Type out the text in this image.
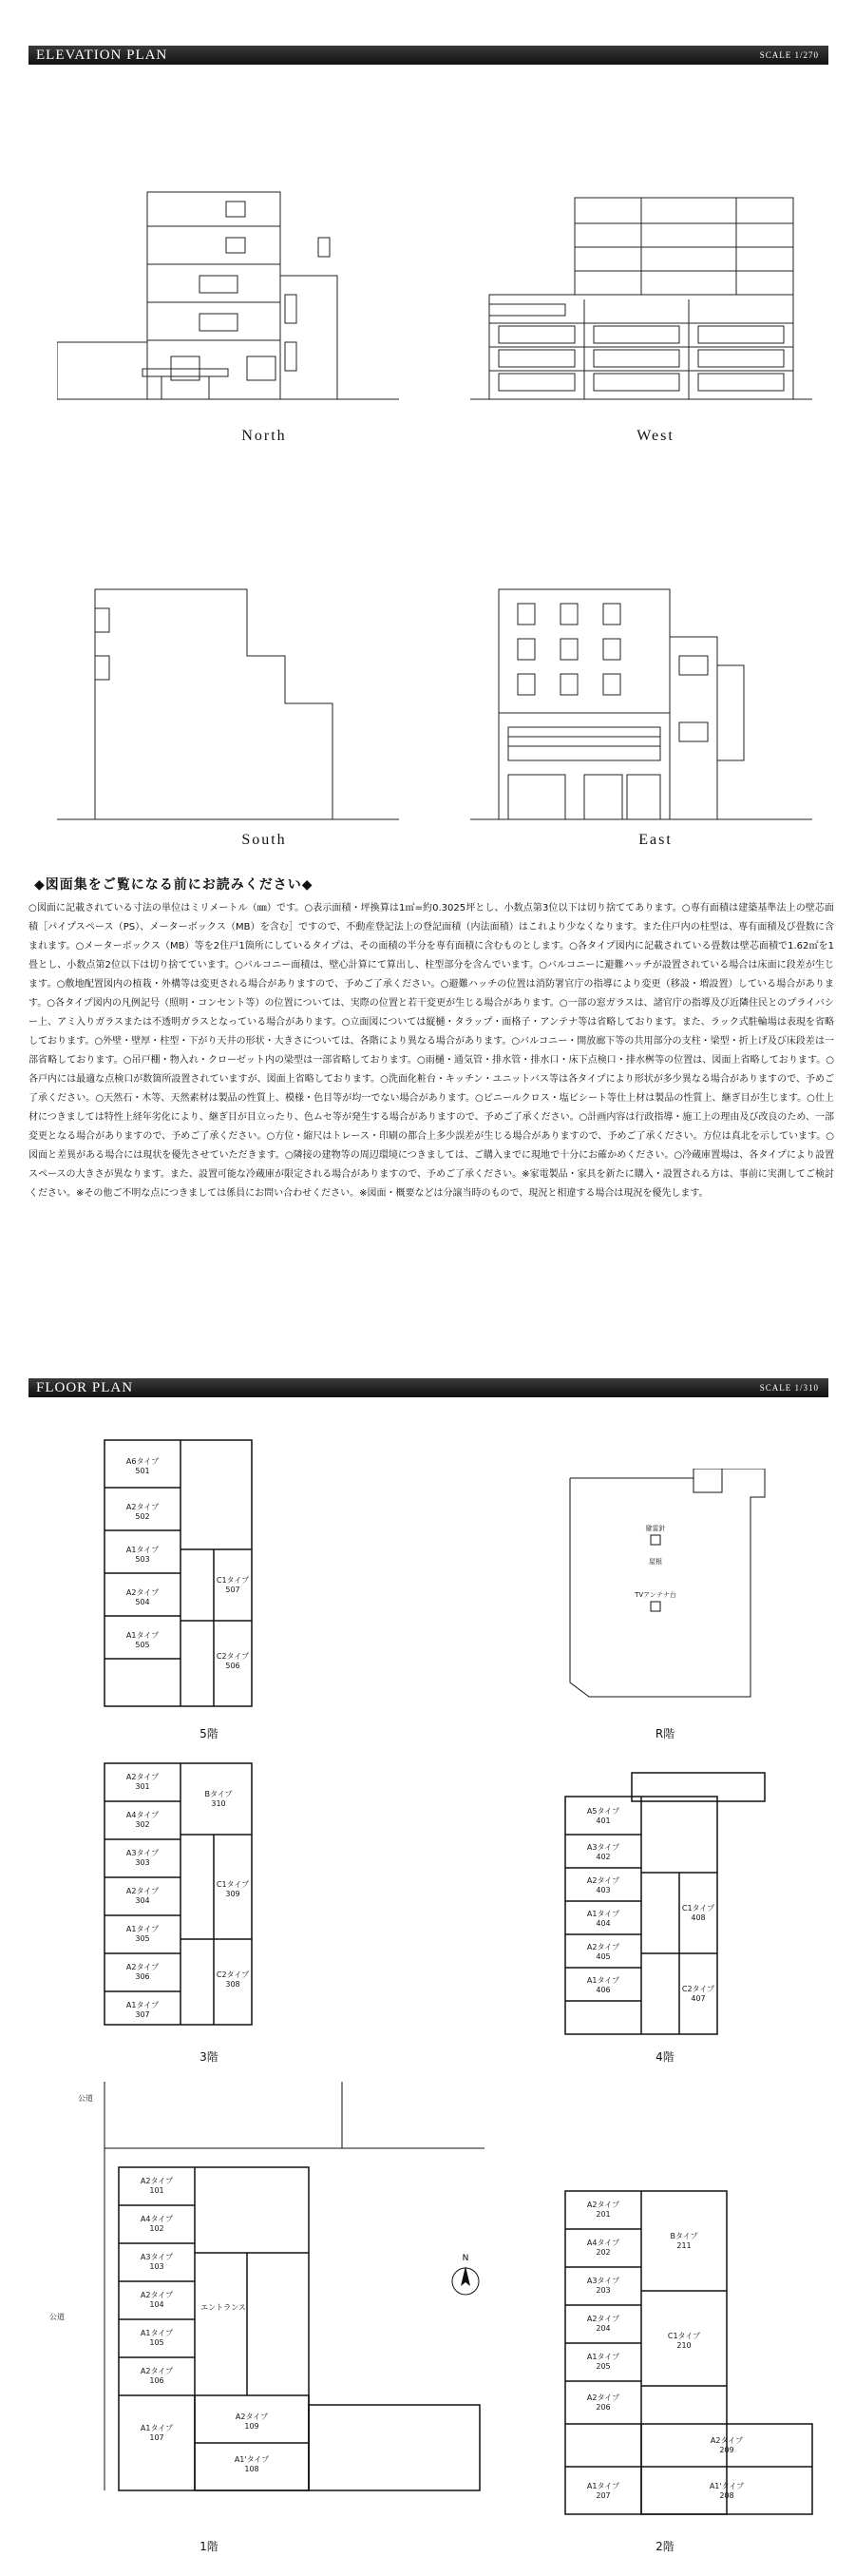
ELEVATION PLAN	SCALE 1/270
North	West
South	East
◆図面集をご覧になる前にお読みください◆

○図面に記載されている寸法の単位はミリメートル（㎜）です。○表示面積・坪換算は1㎡=約0.3025坪とし、小数点第3位以下は切り捨ててあります。○専有面積は建築基準法上の壁芯面積［パイプスペース（PS）、メーターボックス（MB）を含む］ですので、不動産登記法上の登記面積（内法面積）はこれより少なくなります。また住戸内の柱型は、専有面積及び畳数に含まれます。○メーターボックス（MB）等を2住戸1箇所にしているタイプは、その面積の半分を専有面積に含むものとします。○各タイプ図内に記載されている畳数は壁芯面積で1.62㎡を1畳とし、小数点第2位以下は切り捨てています。○バルコニー面積は、壁心計算にて算出し、柱型部分を含んでいます。○バルコニーに避難ハッチが設置されている場合は床面に段差が生じます。○敷地配置図内の植栽・外構等は変更される場合がありますので、予めご了承ください。○避難ハッチの位置は消防署官庁の指導により変更（移設・増設置）している場合があります。○各タイプ図内の凡例記号（照明・コンセント等）の位置については、実際の位置と若干変更が生じる場合があります。○一部の窓ガラスは、諸官庁の指導及び近隣住民とのプライバシー上、アミ入りガラスまたは不透明ガラスとなっている場合があります。○立面図については縦樋・タラップ・面格子・アンテナ等は省略しております。また、ラック式駐輪場は表現を省略しております。○外壁・壁厚・柱型・下がり天井の形状・大きさについては、各階により異なる場合があります。○バルコニー・開放廊下等の共用部分の支柱・梁型・折上げ及び床段差は一部省略しております。○吊戸棚・物入れ・クローゼット内の梁型は一部省略しております。○雨樋・通気管・排水管・排水口・床下点検口・排水桝等の位置は、図面上省略しております。○各戸内には最適な点検口が数箇所設置されていますが、図面上省略しております。○洗面化粧台・キッチン・ユニットバス等は各タイプにより形状が多少異なる場合がありますので、予めご了承ください。○天然石・木等、天然素材は製品の性質上、模様・色目等が均一でない場合があります。○ビニールクロス・塩ビシート等仕上材は製品の性質上、継ぎ目が生じます。○仕上材につきましては特性上経年劣化により、継ぎ目が目立ったり、色ムセ等が発生する場合がありますので、予めご了承ください。○計画内容は行政指導・施工上の理由及び改良のため、一部変更となる場合がありますので、予めご了承ください。○方位・縮尺はトレース・印刷の都合上多少誤差が生じる場合がありますので、予めご了承ください。方位は真北を示しています。○図面と差異がある場合には現状を優先させていただきます。○隣接の建物等の周辺環境につきましては、ご購入までに現地で十分にお確かめください。○冷蔵庫置場は、各タイプにより設置スペースの大きさが異なります。また、設置可能な冷蔵庫が限定される場合がありますので、予めご了承ください。※家電製品・家具を新たに購入・設置される方は、事前に実測してご検討ください。※その他ご不明な点につきましては係員にお問い合わせください。※図面・概要などは分譲当時のもので、現況と相違する場合は現況を優先します。

FLOOR PLAN	SCALE 1/310
A6タイプ
501
A2タイプ
502
A1タイプ
503
A2タイプ
504
A1タイプ
505
C1タイプ
507
C2タイプ
506
5階
避雷針
屋根
TVアンテナ台
R階
A2タイプ
301
A4タイプ
302
A3タイプ
303
A2タイプ
304
A1タイプ
305
A2タイプ
306
A1タイプ
307
Bタイプ
310
C1タイプ
309
C2タイプ
308
3階
A5タイプ
401
A3タイプ
402
A2タイプ
403
A1タイプ
404
A2タイプ
405
A1タイプ
406
C1タイプ
408
C2タイプ
407
4階
公道
公道
A2タイプ
101
A4タイプ
102
A3タイプ
103
A2タイプ
104
A1タイプ
105
A2タイプ
106
A1タイプ
107
A2タイプ
109
A1'タイプ
108
エントランス
N
1階
A2タイプ
201
A4タイプ
202
A3タイプ
203
A2タイプ
204
A1タイプ
205
A2タイプ
206
A1タイプ
207
Bタイプ
211
C1タイプ
210
A2タイプ
209
A1'タイプ
208
2階
